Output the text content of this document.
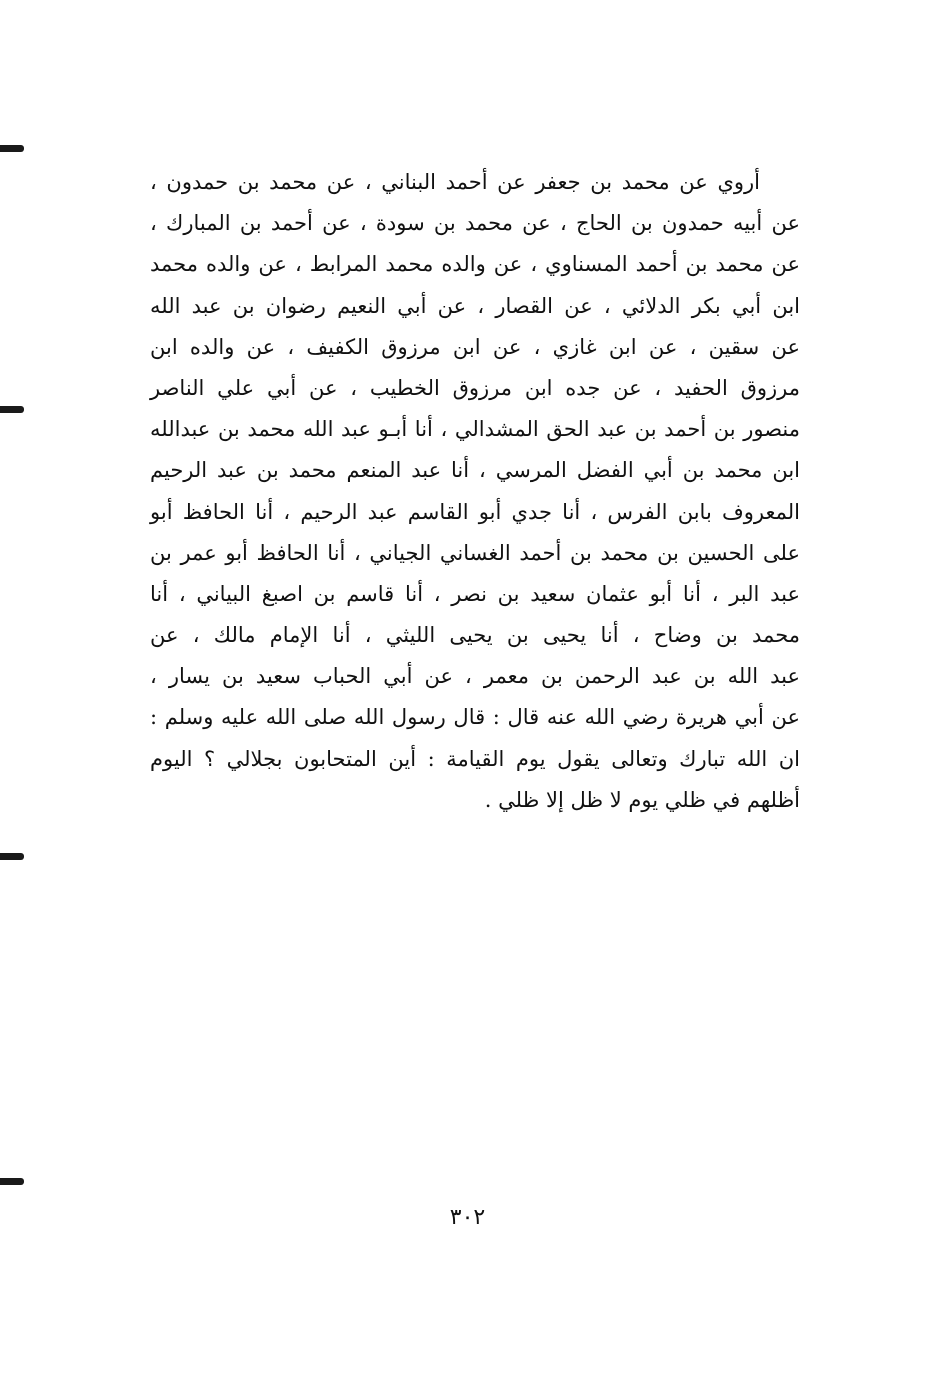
أروي عن محمد بن جعفر عن أحمد البناني ، عن محمد بن حمدون ،
عن أبيه حمدون بن الحاج ، عن محمد بن سودة ، عن أحمد بن المبارك ،
عن محمد بن أحمد المسناوي ، عن والده محمد المرابط ، عن والده محمد
ابن أبي بكر الدلائي ، عن القصار ، عن أبي النعيم رضوان بن عبد الله
عن سقين ، عن ابن غازي ، عن ابن مرزوق الكفيف ، عن والده ابن
مرزوق الحفيد ، عن جده ابن مرزوق الخطيب ، عن أبي علي الناصر
منصور بن أحمد بن عبد الحق المشدالي ، أنا أبـو عبد الله محمد بن عبدالله
ابن محمد بن أبي الفضل المرسي ، أنا عبد المنعم محمد بن عبد الرحيم
المعروف بابن الفرس ، أنا جدي أبو القاسم عبد الرحيم ، أنا الحافظ أبو
على الحسين بن محمد بن أحمد الغساني الجياني ، أنا الحافظ أبو عمر بن
عبد البر ، أنا أبو عثمان سعيد بن نصر ، أنا قاسم بن اصبغ البياني ، أنا
محمد بن وضاح ، أنا يحيى بن يحيى الليثي ، أنا الإمام مالك ، عن
عبد الله بن عبد الرحمن بن معمر ، عن أبي الحباب سعيد بن يسار ،
عن أبي هريرة رضي الله عنه قال : قال رسول الله صلى الله عليه وسلم :
ان الله تبارك وتعالى يقول يوم القيامة : أين المتحابون بجلالي ؟ اليوم
أظلهم في ظلي يوم لا ظل إلا ظلي .
٣٠٢
